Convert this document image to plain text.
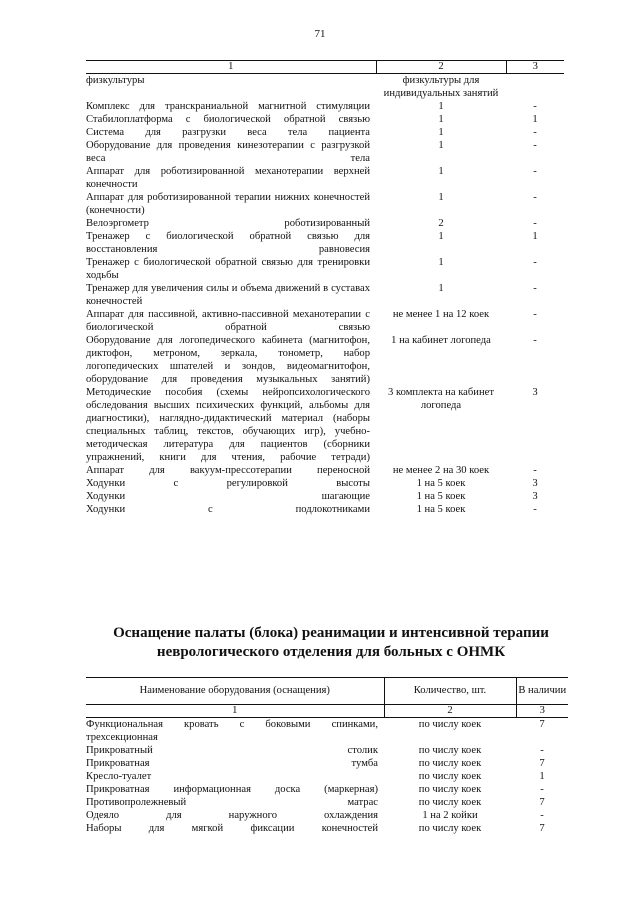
71
1	2	3
физкультуры	физкультуры для индивидуальных занятий	
Комплекс для транскраниальной магнитной стимуляции	1	-
Стабилоплатформа с биологической обратной связью	1	1
Система для разгрузки веса тела пациента	1	-
Оборудование для проведения кинезотерапии с разгрузкой веса тела	1	-
Аппарат для роботизированной механотерапии верхней конечности	1	-
Аппарат для роботизированной терапии нижних конечностей (конечности)	1	-
Велоэргометр роботизированный	2	-
Тренажер с биологической обратной связью для восстановления равновесия	1	1
Тренажер с биологической обратной связью для тренировки ходьбы	1	-
Тренажер для увеличения силы и объема движений в суставах конечностей	1	-
Аппарат для пассивной, активно-пассивной механотерапии с биологической обратной связью	не менее 1 на 12 коек	-
Оборудование для логопедического кабинета (магнитофон, диктофон, метроном, зеркала, тонометр, набор логопедических шпателей и зондов, видеомагнитофон, оборудование для проведения музыкальных занятий)	1 на кабинет логопеда	-
Методические пособия (схемы нейропсихологического обследования высших психических функций, альбомы для диагностики), наглядно-дидактический материал (наборы специальных таблиц, текстов, обучающих игр), учебно-методическая литература для пациентов (сборники упражнений, книги для чтения, рабочие тетради)	3 комплекта на кабинет логопеда	3
Аппарат для вакуум-прессотерапии переносной	не менее 2 на 30 коек	-
Ходунки с регулировкой высоты	1 на 5 коек	3
Ходунки шагающие	1 на 5 коек	3
Ходунки с подлокотниками	1 на 5 коек	-
Оснащение палаты (блока) реанимации и интенсивной терапии
неврологического отделения для больных с ОНМК
Наименование оборудования (оснащения)	Количество, шт.	В наличии
1	2	3
Функциональная кровать с боковыми спинками, трехсекционная	по числу коек	7
Прикроватный столик	по числу коек	-
Прикроватная тумба	по числу коек	7
Кресло-туалет	по числу коек	1
Прикроватная информационная доска (маркерная)	по числу коек	-
Противопролежневый матрас	по числу коек	7
Одеяло для наружного охлаждения	1 на 2 койки	-
Наборы для мягкой фиксации конечностей	по числу коек	7
